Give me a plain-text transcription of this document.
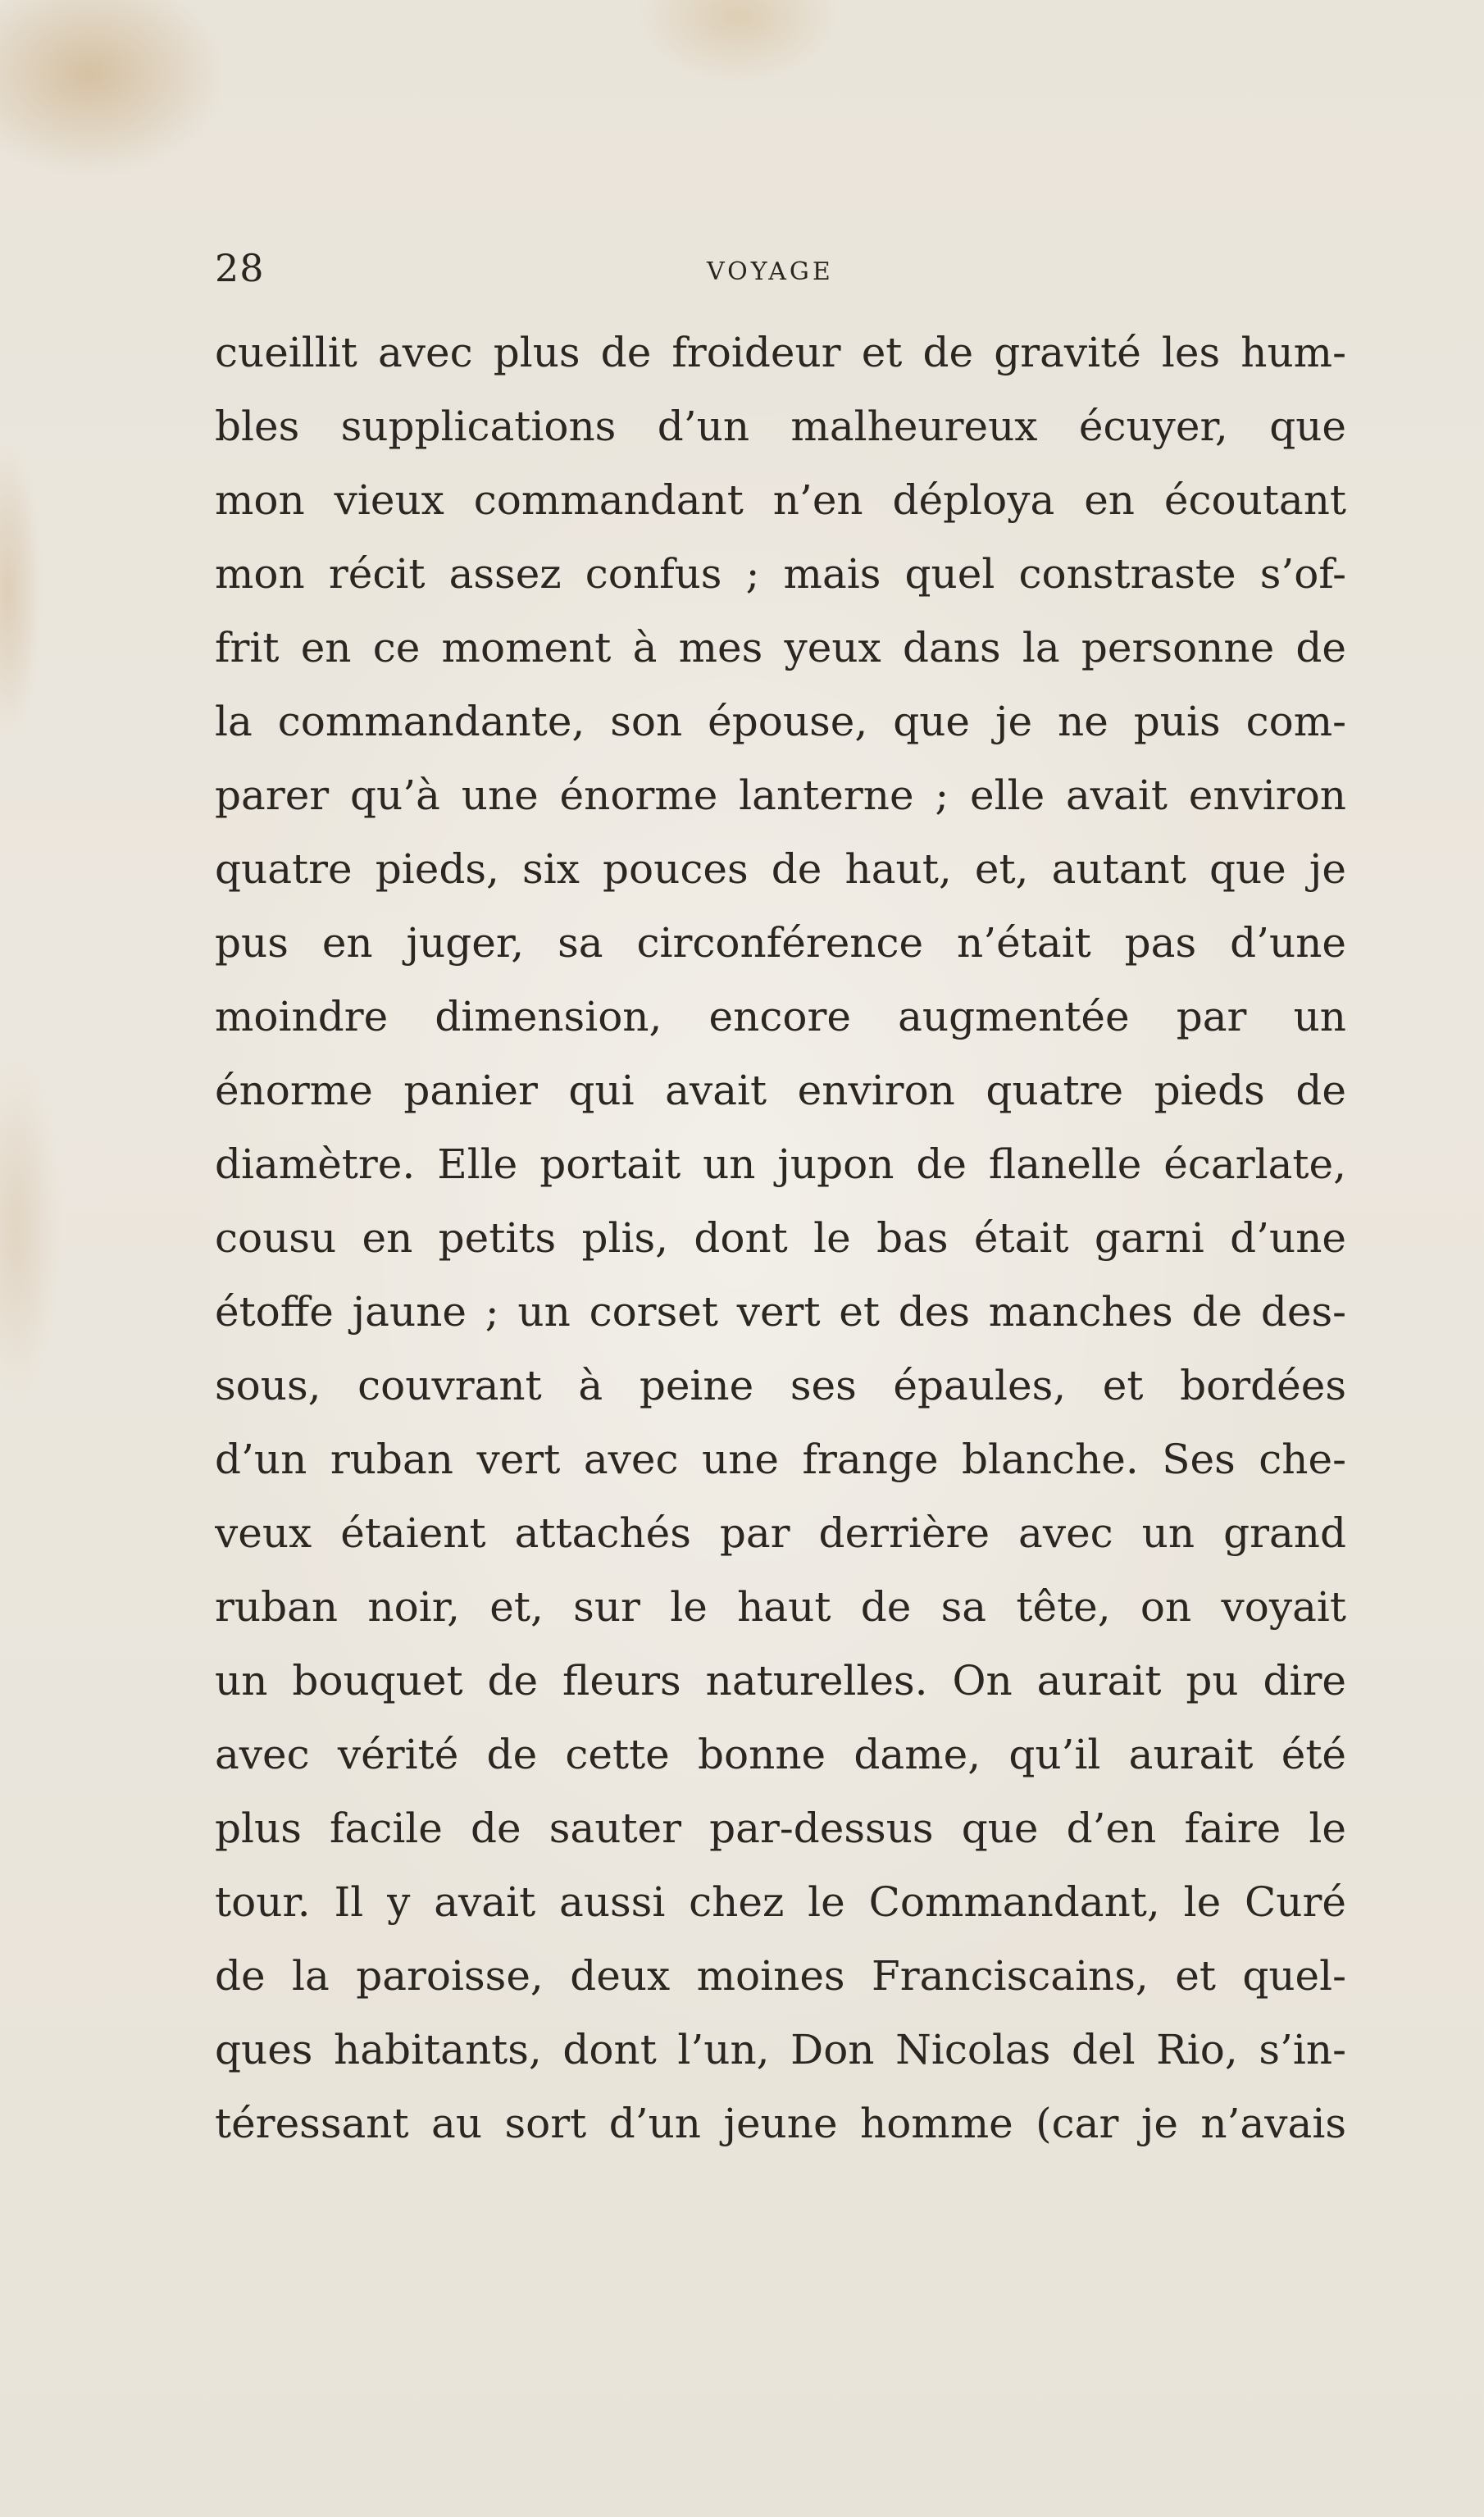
28	VOYAGE
cueillit avec plus de froideur et de gravité les hum-
bles supplications d’un malheureux écuyer, que
mon vieux commandant n’en déploya en écoutant
mon récit assez confus ; mais quel constraste s’of-
frit en ce moment à mes yeux dans la personne de
la commandante, son épouse, que je ne puis com-
parer qu’à une énorme lanterne ; elle avait environ
quatre pieds, six pouces de haut, et, autant que je
pus en juger, sa circonférence n’était pas d’une
moindre dimension, encore augmentée par un
énorme panier qui avait environ quatre pieds de
diamètre. Elle portait un jupon de flanelle écarlate,
cousu en petits plis, dont le bas était garni d’une
étoffe jaune ; un corset vert et des manches de des-
sous, couvrant à peine ses épaules, et bordées
d’un ruban vert avec une frange blanche. Ses che-
veux étaient attachés par derrière avec un grand
ruban noir, et, sur le haut de sa tête, on voyait
un bouquet de fleurs naturelles. On aurait pu dire
avec vérité de cette bonne dame, qu’il aurait été
plus facile de sauter par-dessus que d’en faire le
tour. Il y avait aussi chez le Commandant, le Curé
de la paroisse, deux moines Franciscains, et quel-
ques habitants, dont l’un, Don Nicolas del Rio, s’in-
téressant au sort d’un jeune homme (car je n’avais
